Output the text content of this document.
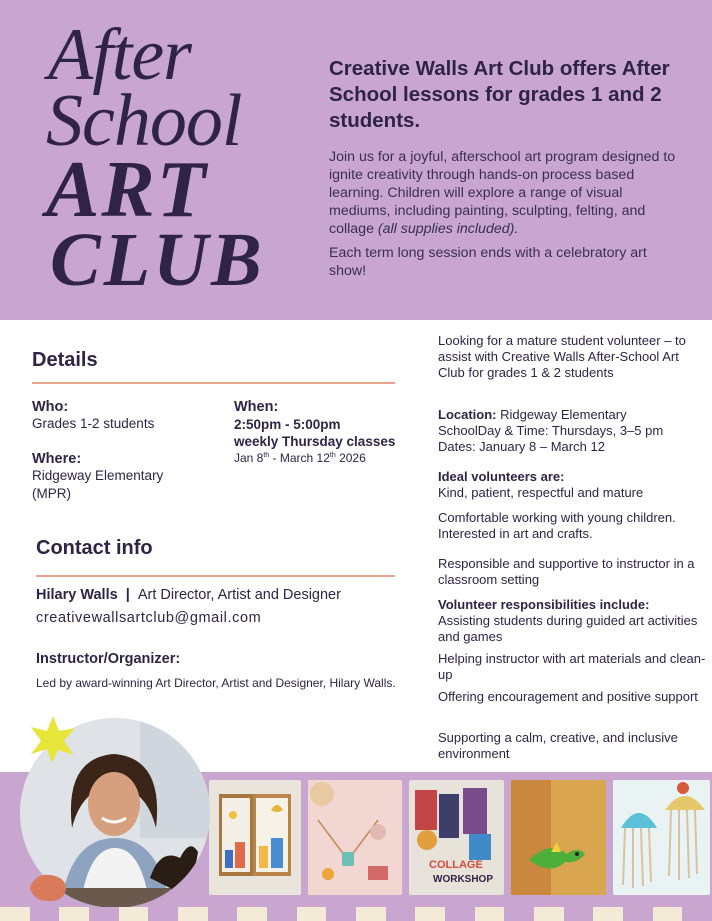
After
School
ART
CLUB
Creative Walls Art Club offers After School lessons for grades 1 and 2 students.
Join us for a joyful, afterschool art program designed to ignite creativity through hands-on process based learning. Children will explore a range of visual mediums, including painting, sculpting, felting, and collage (all supplies included).
Each term long session ends with a celebratory art show!
Details
Who:
Grades 1-2 students
When:
2:50pm - 5:00pm
weekly Thursday classes
Jan 8th - March 12th 2026
Where:
Ridgeway Elementary
(MPR)
Contact info
Hilary Walls | Art Director, Artist and Designer
creativewallsartclub@gmail.com
Instructor/Organizer:
Led by award-winning Art Director, Artist and Designer, Hilary Walls.
Looking for a mature student volunteer – to assist with Creative Walls After-School Art Club for grades 1 & 2 students
Location: Ridgeway Elementary
SchoolDay & Time: Thursdays, 3–5 pm
Dates: January 8 – March 12
Ideal volunteers are:
Kind, patient, respectful and mature
Comfortable working with young children. Interested in art and crafts.
Responsible and supportive to instructor in a classroom setting
Volunteer responsibilities include:
Assisting students during guided art activities and games
Helping instructor with art materials and clean-up
Offering encouragement and positive support
Supporting a calm, creative, and inclusive environment
COLLAGE
WORKSHOP
